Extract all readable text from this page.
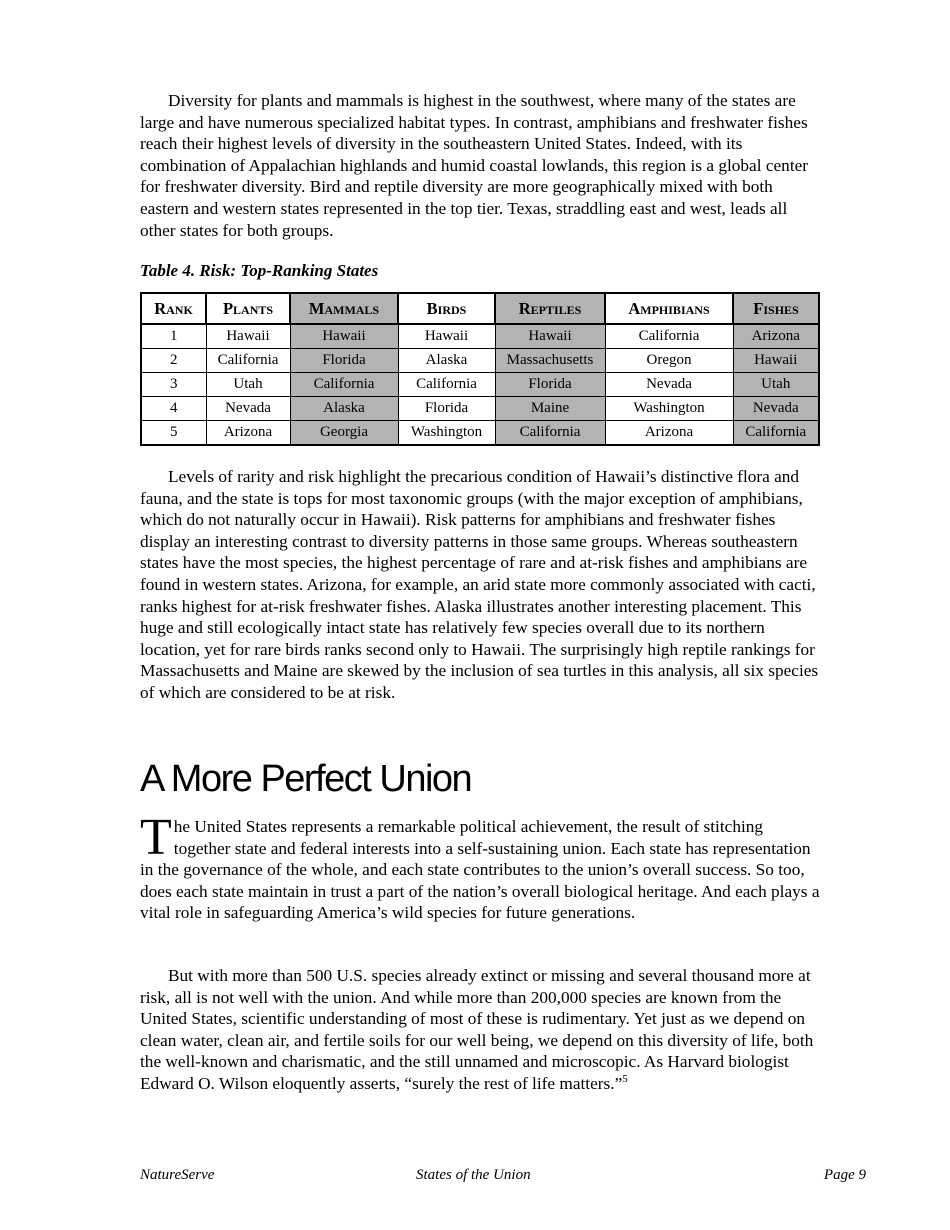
Diversity for plants and mammals is highest in the southwest, where many of the states are large and have numerous specialized habitat types. In contrast, amphibians and freshwater fishes reach their highest levels of diversity in the southeastern United States. Indeed, with its combination of Appalachian highlands and humid coastal lowlands, this region is a global center for freshwater diversity. Bird and reptile diversity are more geographically mixed with both eastern and western states represented in the top tier. Texas, straddling east and west, leads all other states for both groups.

Table 4. Risk: Top-Ranking States

Rank	Plants	Mammals	Birds	Reptiles	Amphibians	Fishes
1	Hawaii	Hawaii	Hawaii	Hawaii	California	Arizona
2	California	Florida	Alaska	Massachusetts	Oregon	Hawaii
3	Utah	California	California	Florida	Nevada	Utah
4	Nevada	Alaska	Florida	Maine	Washington	Nevada
5	Arizona	Georgia	Washington	California	Arizona	California

Levels of rarity and risk highlight the precarious condition of Hawaii’s distinctive flora and fauna, and the state is tops for most taxonomic groups (with the major exception of amphibians, which do not naturally occur in Hawaii). Risk patterns for amphibians and freshwater fishes display an interesting contrast to diversity patterns in those same groups. Whereas southeastern states have the most species, the highest percentage of rare and at-risk fishes and amphibians are found in western states. Arizona, for example, an arid state more commonly associated with cacti, ranks highest for at-risk freshwater fishes. Alaska illustrates another interesting placement. This huge and still ecologically intact state has relatively few species overall due to its northern location, yet for rare birds ranks second only to Hawaii. The surprisingly high reptile rankings for Massachusetts and Maine are skewed by the inclusion of sea turtles in this analysis, all six species of which are considered to be at risk.

A More Perfect Union

The United States represents a remarkable political achievement, the result of stitching together state and federal interests into a self-sustaining union. Each state has representation in the governance of the whole, and each state contributes to the union’s overall success. So too, does each state maintain in trust a part of the nation’s overall biological heritage. And each plays a vital role in safeguarding America’s wild species for future generations.

But with more than 500 U.S. species already extinct or missing and several thousand more at risk, all is not well with the union. And while more than 200,000 species are known from the United States, scientific understanding of most of these is rudimentary. Yet just as we depend on clean water, clean air, and fertile soils for our well being, we depend on this diversity of life, both the well-known and charismatic, and the still unnamed and microscopic. As Harvard biologist Edward O. Wilson eloquently asserts, “surely the rest of life matters.”$^5$

NatureServe	States of the Union	Page 9
